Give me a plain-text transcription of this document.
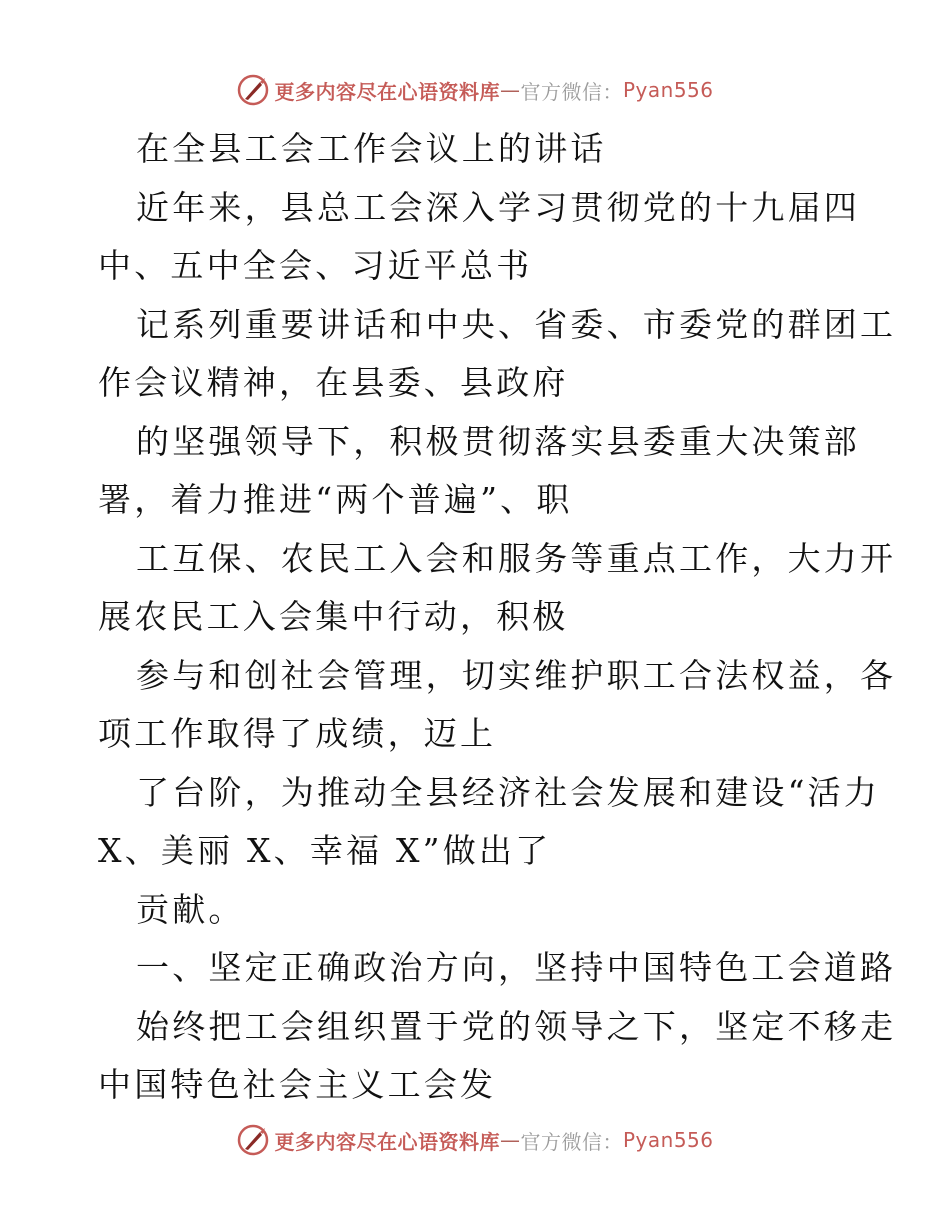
更多内容尽在心语资料库 — 官方微信： Pyan556
在全县工会工作会议上的讲话
近年来，县总工会深入学习贯彻党的十九届四
中、五中全会、习近平总书
记系列重要讲话和中央、省委、市委党的群团工
作会议精神，在县委、县政府
的坚强领导下，积极贯彻落实县委重大决策部
署，着力推进“两个普遍”、职
工互保、农民工入会和服务等重点工作，大力开
展农民工入会集中行动，积极
参与和创社会管理，切实维护职工合法权益，各
项工作取得了成绩，迈上
了台阶，为推动全县经济社会发展和建设“活力
X、美丽 X、幸福 X”做出了
贡献。
一、坚定正确政治方向，坚持中国特色工会道路
始终把工会组织置于党的领导之下，坚定不移走
中国特色社会主义工会发
更多内容尽在心语资料库 — 官方微信： Pyan556
